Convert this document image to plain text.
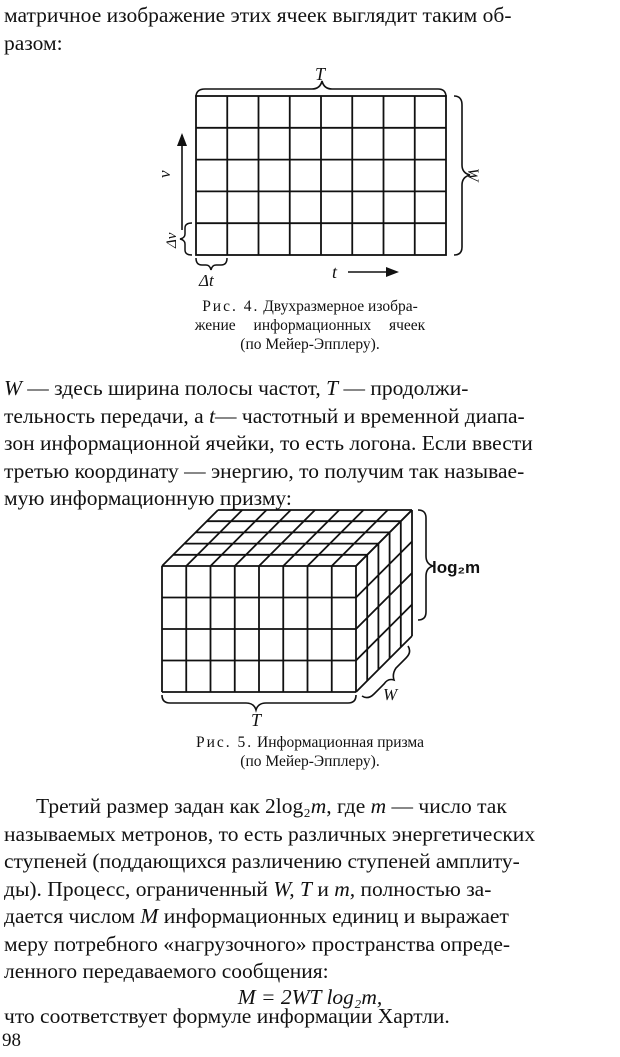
матричное изображение этих ячеек выглядит таким об-
разом:
T
W
ν
Δν
Δt	t
Рис. 4. Двухразмерное изобра-
жение информационных ячеек
(по Мейер-Эпплеру).
W — здесь ширина полосы частот, T — продолжи-
тельность передачи, а t— частотный и временной диапа-
зон информационной ячейки, то есть логона. Если ввести
третью координату — энергию, то получим так называе-
мую информационную призму:
log₂m
T
W
Рис. 5. Информационная призма
(по Мейер-Эпплеру).
Третий размер задан как 2log₂m, где m — число так
называемых метронов, то есть различных энергетических
ступеней (поддающихся различению ступеней амплиту-
ды). Процесс, ограниченный W, T и m, полностью за-
дается числом M информационных единиц и выражает
меру потребного «нагрузочного» пространства опреде-
ленного передаваемого сообщения:
M = 2WT log₂m,
что соответствует формуле информации Хартли.
98
